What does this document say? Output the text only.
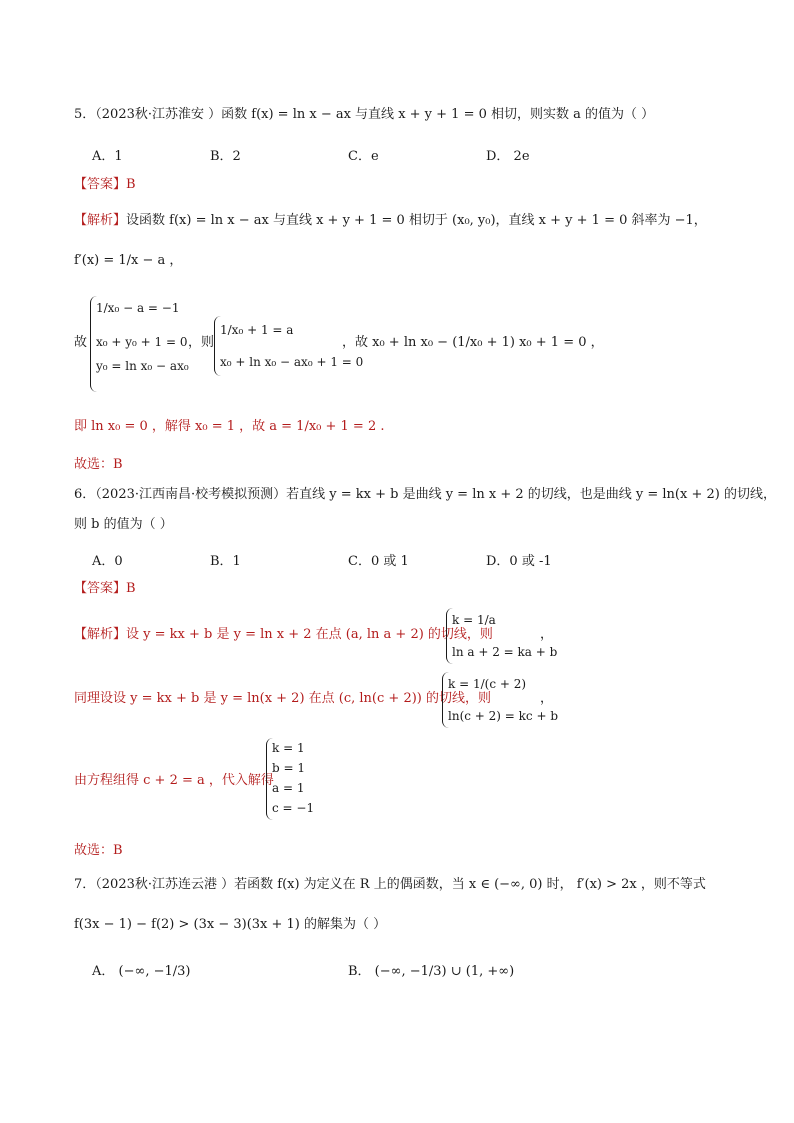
5．（2023秋·江苏淮安 ）函数 f(x) = ln x − ax 与直线 x + y + 1 = 0 相切，则实数 a 的值为（ ）
A．1	B．2	C．e	D． 2e
【答案】B
【解析】设函数 f(x) = ln x − ax 与直线 x + y + 1 = 0 相切于 (x₀, y₀)，直线 x + y + 1 = 0 斜率为 −1，
f′(x) = 1/x − a ，
故
1/x₀ − a = −1
x₀ + y₀ + 1 = 0
y₀ = ln x₀ − ax₀
，则
1/x₀ + 1 = a
x₀ + ln x₀ − ax₀ + 1 = 0
，故 x₀ + ln x₀ − (1/x₀ + 1) x₀ + 1 = 0 ，
即 ln x₀ = 0 ，解得 x₀ = 1 ，故 a = 1/x₀ + 1 = 2 .
故选：B
6．（2023·江西南昌·校考模拟预测）若直线 y = kx + b 是曲线 y = ln x + 2 的切线，也是曲线 y = ln(x + 2) 的切线，
则 b 的值为（ ）
A．0	B．1	C．0 或 1	D．0 或 -1
【答案】B
【解析】设 y = kx + b 是 y = ln x + 2 在点 (a, ln a + 2) 的切线，则
k = 1/a
ln a + 2 = ka + b
，
同理设设 y = kx + b 是 y = ln(x + 2) 在点 (c, ln(c + 2)) 的切线，则
k = 1/(c + 2)
ln(c + 2) = kc + b
，
由方程组得 c + 2 = a ，代入解得
k = 1
b = 1
a = 1
c = −1
故选：B
7．（2023秋·江苏连云港 ）若函数 f(x) 为定义在 R 上的偶函数，当 x ∈ (−∞, 0) 时， f′(x) > 2x ，则不等式
f(3x − 1) − f(2) > (3x − 3)(3x + 1) 的解集为（ ）
A． (−∞, −1/3)	B． (−∞, −1/3) ∪ (1, +∞)
